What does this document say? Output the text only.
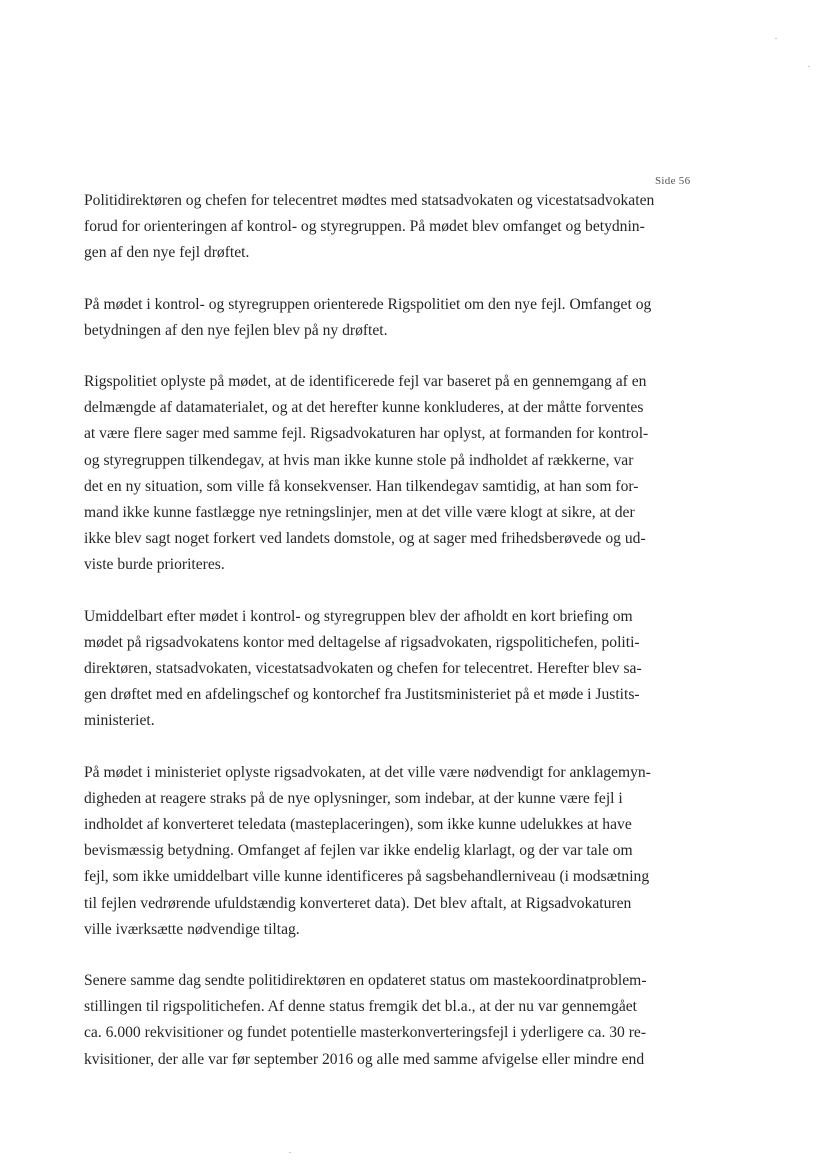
Side 56

Politidirektøren og chefen for telecentret mødtes med statsadvokaten og vicestatsadvokaten
forud for orienteringen af kontrol- og styregruppen. På mødet blev omfanget og betydnin-
gen af den nye fejl drøftet.

På mødet i kontrol- og styregruppen orienterede Rigspolitiet om den nye fejl. Omfanget og
betydningen af den nye fejlen blev på ny drøftet.

Rigspolitiet oplyste på mødet, at de identificerede fejl var baseret på en gennemgang af en
delmængde af datamaterialet, og at det herefter kunne konkluderes, at der måtte forventes
at være flere sager med samme fejl. Rigsadvokaturen har oplyst, at formanden for kontrol-
og styregruppen tilkendegav, at hvis man ikke kunne stole på indholdet af rækkerne, var
det en ny situation, som ville få konsekvenser. Han tilkendegav samtidig, at han som for-
mand ikke kunne fastlægge nye retningslinjer, men at det ville være klogt at sikre, at der
ikke blev sagt noget forkert ved landets domstole, og at sager med frihedsberøvede og ud-
viste burde prioriteres.

Umiddelbart efter mødet i kontrol- og styregruppen blev der afholdt en kort briefing om
mødet på rigsadvokatens kontor med deltagelse af rigsadvokaten, rigspolitichefen, politi-
direktøren, statsadvokaten, vicestatsadvokaten og chefen for telecentret. Herefter blev sa-
gen drøftet med en afdelingschef og kontorchef fra Justitsministeriet på et møde i Justits-
ministeriet.

På mødet i ministeriet oplyste rigsadvokaten, at det ville være nødvendigt for anklagemyn-
digheden at reagere straks på de nye oplysninger, som indebar, at der kunne være fejl i
indholdet af konverteret teledata (masteplaceringen), som ikke kunne udelukkes at have
bevismæssig betydning. Omfanget af fejlen var ikke endelig klarlagt, og der var tale om
fejl, som ikke umiddelbart ville kunne identificeres på sagsbehandlerniveau (i modsætning
til fejlen vedrørende ufuldstændig konverteret data). Det blev aftalt, at Rigsadvokaturen
ville iværksætte nødvendige tiltag.

Senere samme dag sendte politidirektøren en opdateret status om mastekoordinatproblem-
stillingen til rigspolitichefen. Af denne status fremgik det bl.a., at der nu var gennemgået
ca. 6.000 rekvisitioner og fundet potentielle masterkonverteringsfejl i yderligere ca. 30 re-
kvisitioner, der alle var før september 2016 og alle med samme afvigelse eller mindre end
